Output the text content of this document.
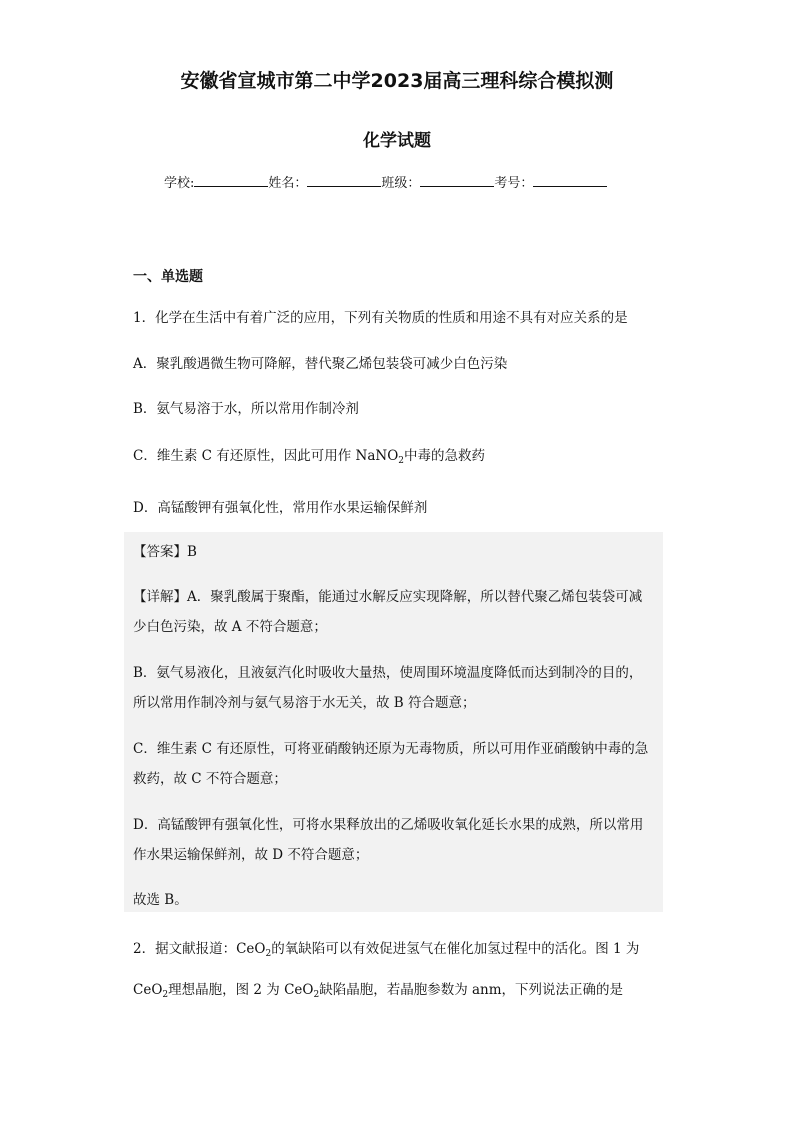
安徽省宣城市第二中学2023届高三理科综合模拟测
化学试题
学校:	姓名：	班级：	考号：
一、单选题
1．化学在生活中有着广泛的应用，下列有关物质的性质和用途不具有对应关系的是
A．聚乳酸遇微生物可降解，替代聚乙烯包装袋可减少白色污染
B．氨气易溶于水，所以常用作制冷剂
C．维生素 C 有还原性，因此可用作 NaNO$_2$中毒的急救药
D．高锰酸钾有强氧化性，常用作水果运输保鲜剂
【答案】B
【详解】A．聚乳酸属于聚酯，能通过水解反应实现降解，所以替代聚乙烯包装袋可减
少白色污染，故 A 不符合题意；
B．氨气易液化，且液氨汽化时吸收大量热，使周围环境温度降低而达到制冷的目的，
所以常用作制冷剂与氨气易溶于水无关，故 B 符合题意；
C．维生素 C 有还原性，可将亚硝酸钠还原为无毒物质，所以可用作亚硝酸钠中毒的急
救药，故 C 不符合题意；
D．高锰酸钾有强氧化性，可将水果释放出的乙烯吸收氧化延长水果的成熟，所以常用
作水果运输保鲜剂，故 D 不符合题意；
故选 B。
2．据文献报道：CeO$_2$的氧缺陷可以有效促进氢气在催化加氢过程中的活化。图 1 为
CeO$_2$理想晶胞，图 2 为 CeO$_2$缺陷晶胞，若晶胞参数为 anm，下列说法正确的是
